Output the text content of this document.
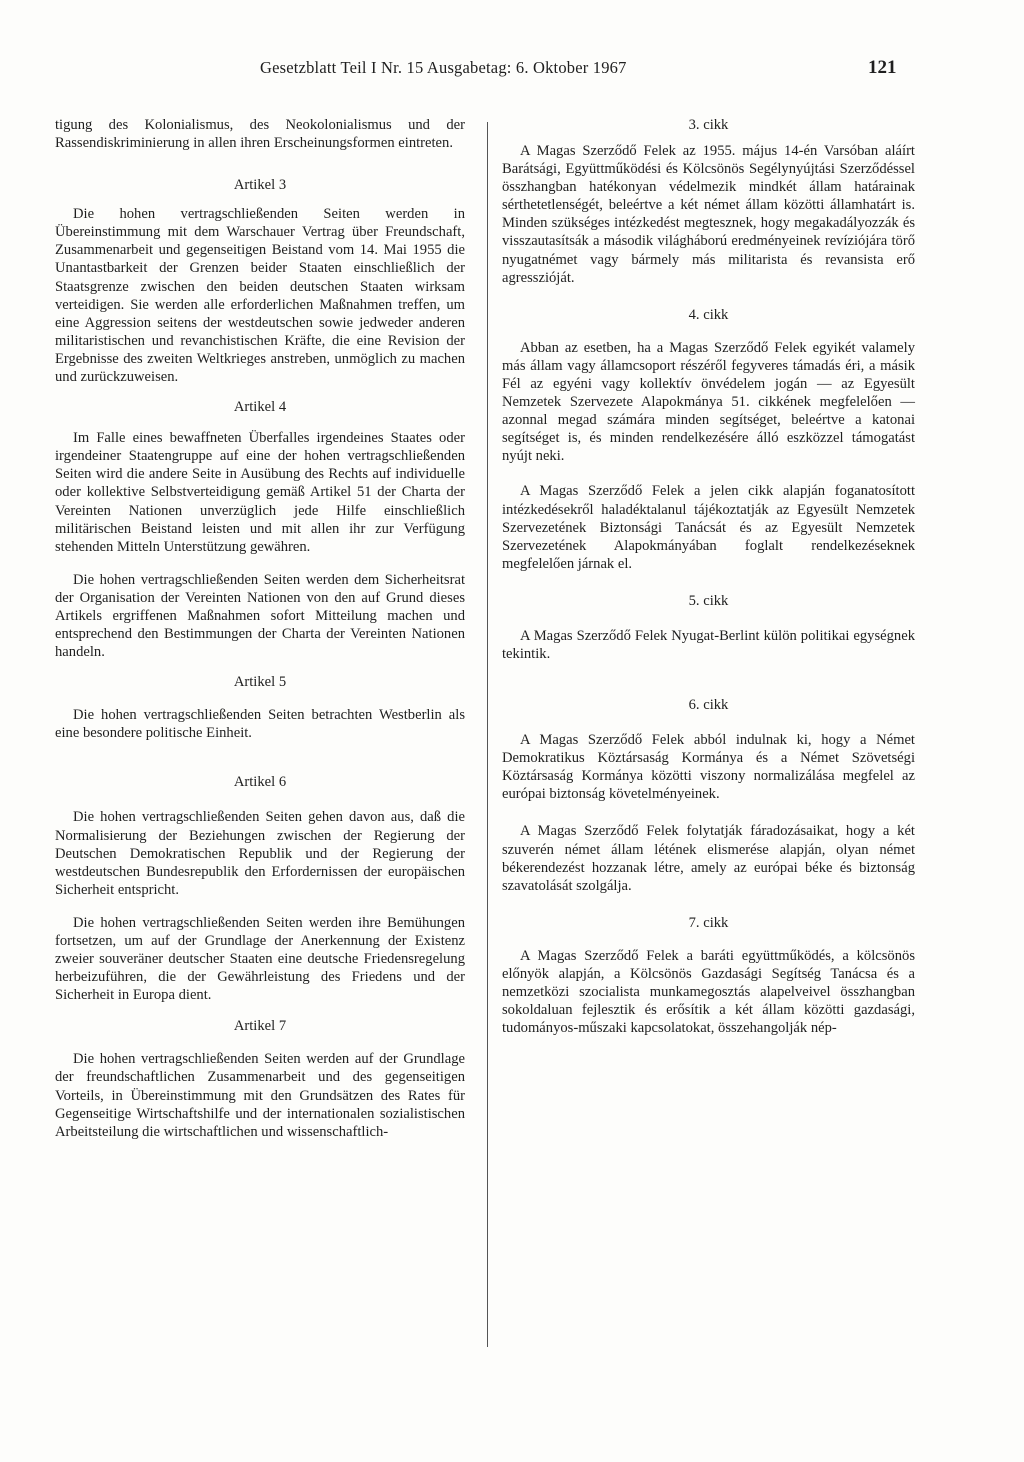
Gesetzblatt Teil I Nr. 15 Ausgabetag: 6. Oktober 1967	121

tigung des Kolonialismus, des Neokolonialismus und der Rassendiskriminierung in allen ihren Erscheinungsformen eintreten.

Artikel 3

Die hohen vertragschließenden Seiten werden in Übereinstimmung mit dem Warschauer Vertrag über Freundschaft, Zusammenarbeit und gegenseitigen Beistand vom 14. Mai 1955 die Unantastbarkeit der Grenzen beider Staaten einschließlich der Staatsgrenze zwischen den beiden deutschen Staaten wirksam verteidigen. Sie werden alle erforderlichen Maßnahmen treffen, um eine Aggression seitens der westdeutschen sowie jedweder anderen militaristischen und revanchistischen Kräfte, die eine Revision der Ergebnisse des zweiten Weltkrieges anstreben, unmöglich zu machen und zurückzuweisen.

Artikel 4

Im Falle eines bewaffneten Überfalles irgendeines Staates oder irgendeiner Staatengruppe auf eine der hohen vertragschließenden Seiten wird die andere Seite in Ausübung des Rechts auf individuelle oder kollektive Selbstverteidigung gemäß Artikel 51 der Charta der Vereinten Nationen unverzüglich jede Hilfe einschließlich militärischen Beistand leisten und mit allen ihr zur Verfügung stehenden Mitteln Unterstützung gewähren.

Die hohen vertragschließenden Seiten werden dem Sicherheitsrat der Organisation der Vereinten Nationen von den auf Grund dieses Artikels ergriffenen Maßnahmen sofort Mitteilung machen und entsprechend den Bestimmungen der Charta der Vereinten Nationen handeln.

Artikel 5

Die hohen vertragschließenden Seiten betrachten Westberlin als eine besondere politische Einheit.

Artikel 6

Die hohen vertragschließenden Seiten gehen davon aus, daß die Normalisierung der Beziehungen zwischen der Regierung der Deutschen Demokratischen Republik und der Regierung der westdeutschen Bundesrepublik den Erfordernissen der europäischen Sicherheit entspricht.

Die hohen vertragschließenden Seiten werden ihre Bemühungen fortsetzen, um auf der Grundlage der Anerkennung der Existenz zweier souveräner deutscher Staaten eine deutsche Friedensregelung herbeizuführen, die der Gewährleistung des Friedens und der Sicherheit in Europa dient.

Artikel 7

Die hohen vertragschließenden Seiten werden auf der Grundlage der freundschaftlichen Zusammenarbeit und des gegenseitigen Vorteils, in Übereinstimmung mit den Grundsätzen des Rates für Gegenseitige Wirtschaftshilfe und der internationalen sozialistischen Arbeitsteilung die wirtschaftlichen und wissenschaftlich-

3. cikk

A Magas Szerződő Felek az 1955. május 14-én Varsóban aláírt Barátsági, Együttműködési és Kölcsönös Segélynyújtási Szerződéssel összhangban hatékonyan védelmezik mindkét állam határainak sérthetetlenségét, beleértve a két német állam közötti államhatárt is. Minden szükséges intézkedést megtesznek, hogy megakadályozzák és visszautasítsák a második világháború eredményeinek revíziójára törő nyugatnémet vagy bármely más militarista és revansista erő agresszióját.

4. cikk

Abban az esetben, ha a Magas Szerződő Felek egyikét valamely más állam vagy államcsoport részéről fegyveres támadás éri, a másik Fél az egyéni vagy kollektív önvédelem jogán — az Egyesült Nemzetek Szervezete Alapokmánya 51. cikkének megfelelően — azonnal megad számára minden segítséget, beleértve a katonai segítséget is, és minden rendelkezésére álló eszközzel támogatást nyújt neki.

A Magas Szerződő Felek a jelen cikk alapján foganatosított intézkedésekről haladéktalanul tájékoztatják az Egyesült Nemzetek Szervezetének Biztonsági Tanácsát és az Egyesült Nemzetek Szervezetének Alapokmányában foglalt rendelkezéseknek megfelelően járnak el.

5. cikk

A Magas Szerződő Felek Nyugat-Berlint külön politikai egységnek tekintik.

6. cikk

A Magas Szerződő Felek abból indulnak ki, hogy a Német Demokratikus Köztársaság Kormánya és a Német Szövetségi Köztársaság Kormánya közötti viszony normalizálása megfelel az európai biztonság követelményeinek.

A Magas Szerződő Felek folytatják fáradozásaikat, hogy a két szuverén német állam létének elismerése alapján, olyan német békerendezést hozzanak létre, amely az európai béke és biztonság szavatolását szolgálja.

7. cikk

A Magas Szerződő Felek a baráti együttműködés, a kölcsönös előnyök alapján, a Kölcsönös Gazdasági Segítség Tanácsa és a nemzetközi szocialista munkamegosztás alapelveivel összhangban sokoldaluan fejlesztik és erősítik a két állam közötti gazdasági, tudományos-műszaki kapcsolatokat, összehangolják nép-
